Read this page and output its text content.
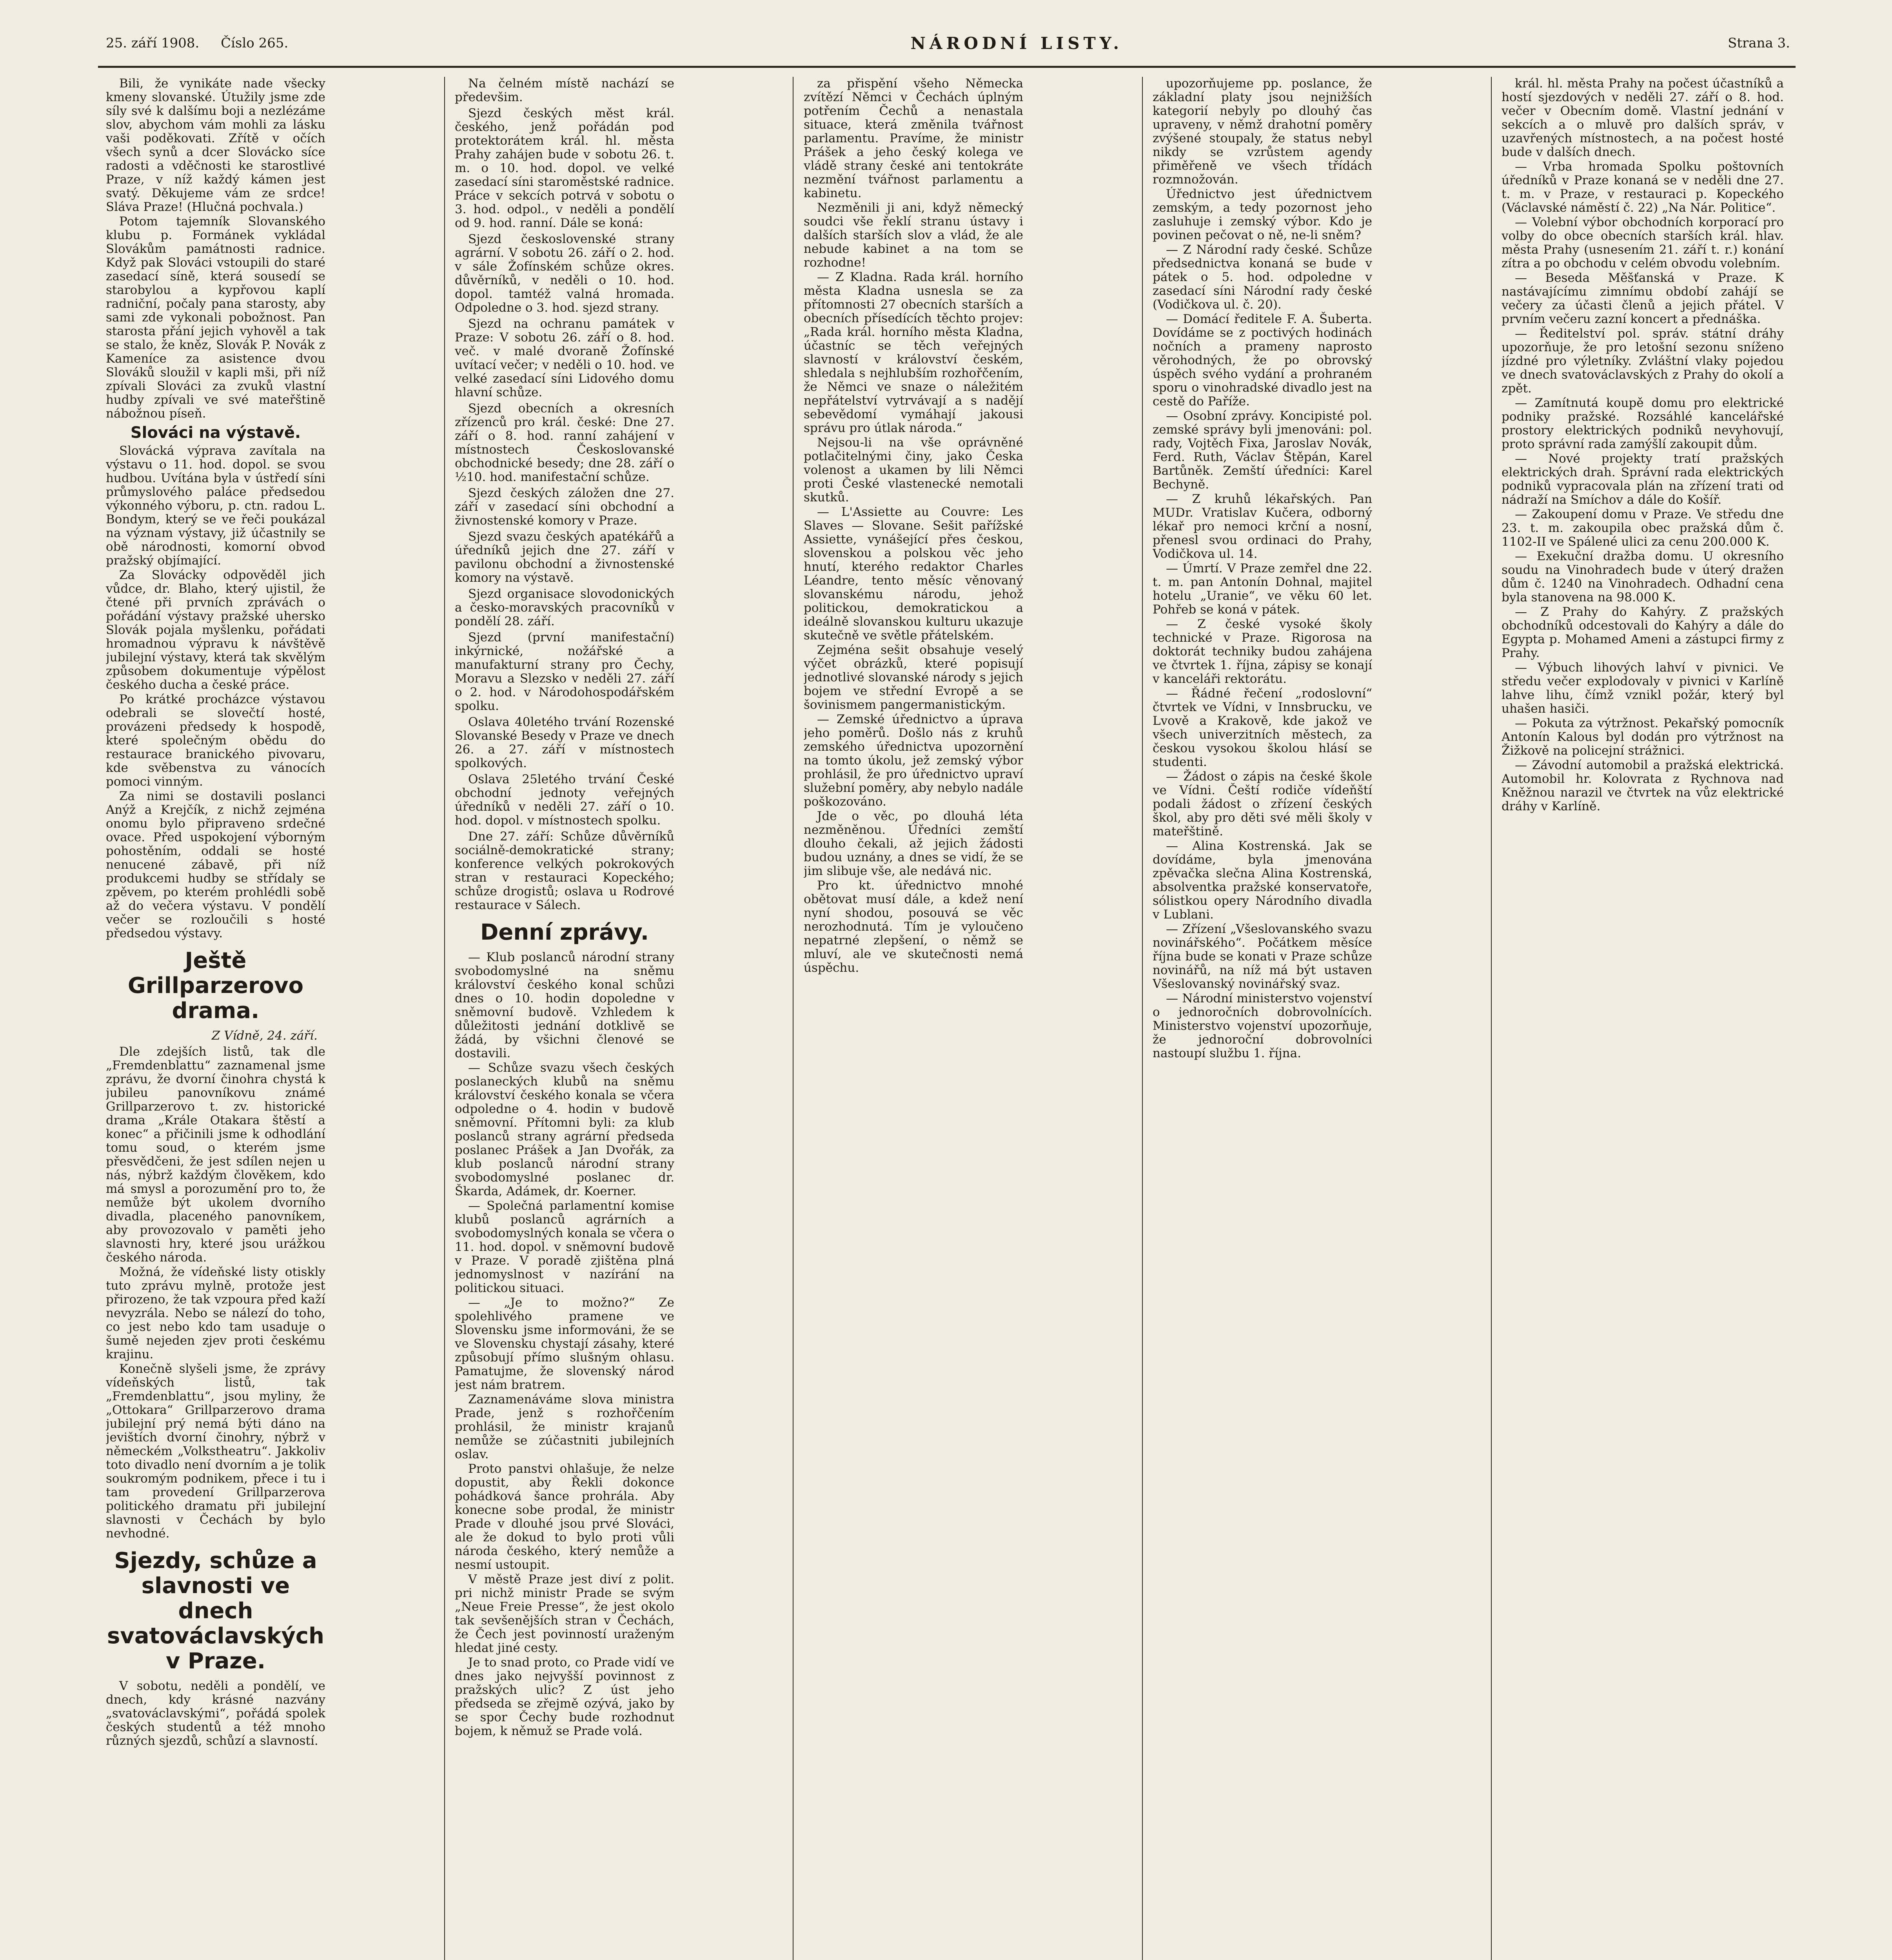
25. září 1908. Číslo 265.	NÁRODNÍ LISTY.	Strana 3.

Bili, že vynikáte nade všecky kmeny slovanské. Útužily jsme zde síly své k dalšímu boji a nezlézáme slov, abychom vám mohli za lásku vaši poděkovati. Zřítě v očích všech synů a dcer Slovácko síce radosti a vděčnosti ke starostlivé Praze, v níž každý kámen jest svatý. Děkujeme vám ze srdce! Sláva Praze! (Hlučná pochvala.)

Potom tajemník Slovanského klubu p. Formánek vykládal Slovákům památnosti radnice. Když pak Slováci vstoupili do staré zasedací síně, která sousedí se starobylou a kypřovou kaplí radniční, počaly pana starosty, aby sami zde vykonali pobožnost. Pan starosta přání jejich vyhověl a tak se stalo, že kněz, Slovák P. Novák z Kameníce za asistence dvou Slováků sloužil v kapli mši, při níž zpívali Slováci za zvuků vlastní hudby zpívali ve své mateřštině nábožnou píseň.

Slováci na výstavě.

Slovácká výprava zavítala na výstavu o 11. hod. dopol. se svou hudbou. Uvítána byla v ústředí síni průmyslového paláce předsedou výkonného výboru, p. ctn. radou L. Bondym, který se ve řeči poukázal na význam výstavy, již účastnily se obě národnosti, komorní obvod pražský objímající.

Za Slovácky odpověděl jich vůdce, dr. Blaho, který ujistil, že čtené při prvních zprávách o pořádání výstavy pražské uhersko Slovák pojala myšlenku, pořádati hromadnou výpravu k návštěvě jubilejní výstavy, která tak skvělým způsobem dokumentuje výpělost českého ducha a české práce.

Po krátké procházce výstavou odebrali se slovečtí hosté, provázeni předsedy k hospodě, které společným obědu do restaurace branického pivovaru, kde svěbenstva zu vánocích pomoci vinným.

Za nimi se dostavili poslanci Anýž a Krejčík, z nichž zejména onomu bylo připraveno srdečné ovace. Před uspokojení výborným pohostěním, oddali se hosté nenucené zábavě, při níž produkcemi hudby se střídaly se zpěvem, po kterém prohlédli sobě až do večera výstavu. V pondělí večer se rozloučili s hosté předsedou výstavy.

Ještě Grillparzerovo drama.
Z Vídně, 24. září.

Dle zdejších listů, tak dle „Fremdenblattu“ zaznamenal jsme zprávu, že dvorní činohra chystá k jubileu panovníkovu známé Grillparzerovo t. zv. historické drama „Krále Otakara štěstí a konec“ a přičinili jsme k odhodlání tomu soud, o kterém jsme přesvědčeni, že jest sdílen nejen u nás, nýbrž každým člověkem, kdo má smysl a porozumění pro to, že nemůže být ukolem dvorního divadla, placeného panovníkem, aby provozovalo v paměti jeho slavnosti hry, které jsou urážkou českého národa.

Možná, že vídeňské listy otiskly tuto zprávu mylně, protože jest přirozeno, že tak vzpoura před kaží nevyzrála. Nebo se nálezí do toho, co jest nebo kdo tam usaduje o šumě nejeden zjev proti českému krajinu.

Konečně slyšeli jsme, že zprávy vídeňských listů, tak „Fremdenblattu“, jsou myliny, že „Ottokara“ Grillparzerovo drama jubilejní prý nemá býti dáno na jevištích dvorní činohry, nýbrž v německém „Volkstheatru“. Jakkoliv toto divadlo není dvorním a je tolik soukromým podnikem, přece i tu i tam provedení Grillparzerova politického dramatu při jubilejní slavnosti v Čechách by bylo nevhodné.

Sjezdy, schůze a slavnosti ve dnech svatováclavských v Praze.

V sobotu, neděli a pondělí, ve dnech, kdy krásné nazvány „svatováclavskými“, pořádá spolek českých studentů a též mnoho různých sjezdů, schůzí a slavností.

Na čelném místě nachází se předevšim.

Sjezd českých měst král. českého, jenž pořádán pod protektorátem král. hl. města Prahy zahájen bude v sobotu 26. t. m. o 10. hod. dopol. ve velké zasedací síni staroměstské radnice. Práce v sekcích potrvá v sobotu o 3. hod. odpol., v neděli a pondělí od 9. hod. ranní. Dále se koná:

Sjezd československé strany agrární. V sobotu 26. září o 2. hod. v sále Žofínském schůze okres. důvěrníků, v neděli o 10. hod. dopol. tamtéž valná hromada. Odpoledne o 3. hod. sjezd strany.

Sjezd na ochranu památek v Praze: V sobotu 26. září o 8. hod. več. v malé dvoraně Žofínské uvítací večer; v neděli o 10. hod. ve velké zasedací síni Lidového domu hlavní schůze.

Sjezd obecních a okresních zřízenců pro král. české: Dne 27. září o 8. hod. ranní zahájení v místnostech Českoslovanské obchodnické besedy; dne 28. září o ½10. hod. manifestační schůze.

Sjezd českých záložen dne 27. září v zasedací síni obchodní a živnostenské komory v Praze.

Sjezd svazu českých apatékářů a úředníků jejich dne 27. září v pavilonu obchodní a živnostenské komory na výstavě.

Sjezd organisace slovodonických a česko-moravských pracovníků v pondělí 28. září.

Sjezd (první manifestační) inkýrnické, nožářské a manufakturní strany pro Čechy, Moravu a Slezsko v neděli 27. září o 2. hod. v Národohospodářském spolku.

Oslava 40letého trvání Rozenské Slovanské Besedy v Praze ve dnech 26. a 27. září v místnostech spolkových.

Oslava 25letého trvání České obchodní jednoty veřejných úředníků v neděli 27. září o 10. hod. dopol. v místnostech spolku.

Dne 27. září: Schůze důvěrníků sociálně-demokratické strany; konference velkých pokrokových stran v restauraci Kopeckého; schůze drogistů; oslava u Rodrové restaurace v Sálech.

Denní zprávy.

— Klub poslanců národní strany svobodomyslné na sněmu království českého konal schůzi dnes o 10. hodin dopoledne v sněmovní budově. Vzhledem k důležitosti jednání dotklivě se žádá, by všichni členové se dostavili.

— Schůze svazu všech českých poslaneckých klubů na sněmu království českého konala se včera odpoledne o 4. hodin v budově sněmovní. Přítomni byli: za klub poslanců strany agrární předseda poslanec Prášek a Jan Dvořák, za klub poslanců národní strany svobodomyslné poslanec dr. Škarda, Adámek, dr. Koerner.

— Společná parlamentní komise klubů poslanců agrárních a svobodomyslných konala se včera o 11. hod. dopol. v sněmovní budově v Praze. V poradě zjištěna plná jednomyslnost v nazírání na politickou situaci.

— „Je to možno?“ Ze spolehlivého pramene ve Slovensku jsme informováni, že se ve Slovensku chystají zásahy, které způsobují přímo slušným ohlasu. Pamatujme, že slovenský národ jest nám bratrem.

Zaznamenáváme slova ministra Prade, jenž s rozhořčením prohlásil, že ministr krajanů nemůže se zúčastniti jubilejních oslav.

Proto panstvi ohlašuje, že nelze dopustit, aby Řekli dokonce pohádková šance prohrála. Aby konecne sobe prodal, že ministr Prade v dlouhé jsou prvé Slováci, ale že dokud to bylo proti vůli národa českého, který nemůže a nesmí ustoupit.

V městě Praze jest diví z polit. pri nichž ministr Prade se svým „Neue Freie Presse“, že jest okolo tak sevšenějších stran v Čechách, že Čech jest povinností uraženým hledat jiné cesty.

Je to snad proto, co Prade vidí ve dnes jako nejvyšší povinnost z pražských ulic? Z úst jeho předseda se zřejmě ozývá, jako by se spor Čechy bude rozhodnut bojem, k němuž se Prade volá.

za přispění všeho Německa zvítězí Němci v Čechách úplným potřením Čechů a nenastala situace, která změnila tvářnost parlamentu. Pravíme, že ministr Prášek a jeho český kolega ve vládě strany české ani tentokráte nezmění tvářnost parlamentu a kabinetu.

Nezměnili ji ani, když německý soudci vše řeklí stranu ústavy i dalších starších slov a vlád, že ale nebude kabinet a na tom se rozhodne!

— Z Kladna. Rada král. horního města Kladna usnesla se za přítomnosti 27 obecních starších a obecních přísedících těchto projev: „Rada král. horního města Kladna, účastníc se těch veřejných slavností v království českém, shledala s nejhlubším rozhořčením, že Němci ve snaze o náležitém nepřátelství vytrvávají a s nadějí sebevědomí vymáhají jakousi správu pro útlak národa.“

Nejsou-li na vše oprávněné potlačitelnými činy, jako Česka volenost a ukamen by lili Němci proti České vlastenecké nemotali skutků.

— L'Assiette au Couvre: Les Slaves — Slovane. Sešit pařížské Assiette, vynášející přes českou, slovenskou a polskou věc jeho hnutí, kterého redaktor Charles Léandre, tento měsíc věnovaný slovanskému národu, jehož politickou, demokratickou a ideálně slovanskou kulturu ukazuje skutečně ve světle přátelském.

Zejména sešit obsahuje veselý výčet obrázků, které popisují jednotlivé slovanské národy s jejich bojem ve střední Evropě a se šovinismem pangermanistickým.

— Zemské úřednictvo a úprava jeho poměrů. Došlo nás z kruhů zemského úřednictva upozornění na tomto úkolu, jež zemský výbor prohlásil, že pro úřednictvo upraví služební poměry, aby nebylo nadále poškozováno.

Jde o věc, po dlouhá léta nezměněnou. Úředníci zemští dlouho čekali, až jejich žádosti budou uznány, a dnes se vidí, že se jim slibuje vše, ale nedává nic.

Pro kt. úřednictvo mnohé obětovat musí dále, a kdež není nyní shodou, posouvá se věc nerozhodnutá. Tím je vyloučeno nepatrné zlepšení, o němž se mluví, ale ve skutečnosti nemá úspěchu.

upozorňujeme pp. poslance, že základní platy jsou nejnižších kategorií nebyly po dlouhý čas upraveny, v němž drahotní poměry zvýšené stoupaly, že status nebyl nikdy se vzrůstem agendy přiměřeně ve všech třídách rozmnožován.

Úřednictvo jest úřednictvem zemským, a tedy pozornost jeho zasluhuje i zemský výbor. Kdo je povinen pečovat o ně, ne-li sněm?

— Z Národní rady české. Schůze předsednictva konaná se bude v pátek o 5. hod. odpoledne v zasedací síni Národní rady české (Vodičkova ul. č. 20).

— Domácí ředitele F. A. Šuberta. Dovídáme se z poctivých hodinách nočních a prameny naprosto věrohodných, že po obrovský úspěch svého vydání a prohraném sporu o vinohradské divadlo jest na cestě do Paříže.

— Osobní zprávy. Koncipisté pol. zemské správy byli jmenováni: pol. rady, Vojtěch Fixa, Jaroslav Novák, Ferd. Ruth, Václav Štěpán, Karel Bartůněk. Zemští úředníci: Karel Bechyně.

— Z kruhů lékařských. Pan MUDr. Vratislav Kučera, odborný lékař pro nemoci krční a nosní, přenesl svou ordinaci do Prahy, Vodičkova ul. 14.

— Úmrtí. V Praze zemřel dne 22. t. m. pan Antonín Dohnal, majitel hotelu „Uranie“, ve věku 60 let. Pohřeb se koná v pátek.

— Z české vysoké školy technické v Praze. Rigorosa na doktorát techniky budou zahájena ve čtvrtek 1. října, zápisy se konají v kanceláři rektorátu.

— Řádné řečení „rodoslovní“ čtvrtek ve Vídni, v Innsbrucku, ve Lvově a Krakově, kde jakož ve všech univerzitních městech, za českou vysokou školou hlásí se studenti.

— Žádost o zápis na české škole ve Vídni. Čeští rodiče vídeňští podali žádost o zřízení českých škol, aby pro děti své měli školy v mateřštině.

— Alina Kostrenská. Jak se dovídáme, byla jmenována zpěvačka slečna Alina Kostrenská, absolventka pražské konservatoře, sólistkou opery Národního divadla v Lublani.

— Zřízení „Všeslovanského svazu novinářského“. Počátkem měsíce října bude se konati v Praze schůze novinářů, na níž má být ustaven Všeslovanský novinářský svaz.

— Národní ministerstvo vojenství o jednoročních dobrovolnících. Ministerstvo vojenství upozorňuje, že jednoroční dobrovolníci nastoupí službu 1. října.

král. hl. města Prahy na počest účastníků a hostí sjezdových v neděli 27. září o 8. hod. večer v Obecním domě. Vlastní jednání v sekcích a o mluvě pro dalších správ, v uzavřených místnostech, a na počest hosté bude v dalších dnech.

— Vrba hromada Spolku poštovních úředníků v Praze konaná se v neděli dne 27. t. m. v Praze, v restauraci p. Kopeckého (Václavské náměstí č. 22) „Na Nár. Politice“.

— Volební výbor obchodních korporací pro volby do obce obecních starších král. hlav. města Prahy (usnesením 21. září t. r.) konání zítra a po obchodu v celém obvodu volebním.

— Beseda Měšťanská v Praze. K nastávajícímu zimnímu období zahájí se večery za účasti členů a jejich přátel. V prvním večeru zazní koncert a přednáška.

— Ředitelství pol. správ. státní dráhy upozorňuje, že pro letošní sezonu sníženo jízdné pro výletníky. Zvláštní vlaky pojedou ve dnech svatováclavských z Prahy do okolí a zpět.

— Zamítnutá koupě domu pro elektrické podniky pražské. Rozsáhlé kancelářské prostory elektrických podniků nevyhovují, proto správní rada zamýšlí zakoupit dům.

— Nové projekty tratí pražských elektrických drah. Správní rada elektrických podniků vypracovala plán na zřízení trati od nádraží na Smíchov a dále do Košíř.

— Zakoupení domu v Praze. Ve středu dne 23. t. m. zakoupila obec pražská dům č. 1102-II ve Spálené ulici za cenu 200.000 K.

— Exekuční dražba domu. U okresního soudu na Vinohradech bude v úterý dražen dům č. 1240 na Vinohradech. Odhadní cena byla stanovena na 98.000 K.

— Z Prahy do Kahýry. Z pražských obchodníků odcestovali do Kahýry a dále do Egypta p. Mohamed Ameni a zástupci firmy z Prahy.

— Výbuch lihových lahví v pivnici. Ve středu večer explodovaly v pivnici v Karlíně lahve lihu, čímž vznikl požár, který byl uhašen hasiči.

— Pokuta za výtržnost. Pekařský pomocník Antonín Kalous byl dodán pro výtržnost na Žižkově na policejní strážnici.

— Závodní automobil a pražská elektrická. Automobil hr. Kolovrata z Rychnova nad Kněžnou narazil ve čtvrtek na vůz elektrické dráhy v Karlíně.
